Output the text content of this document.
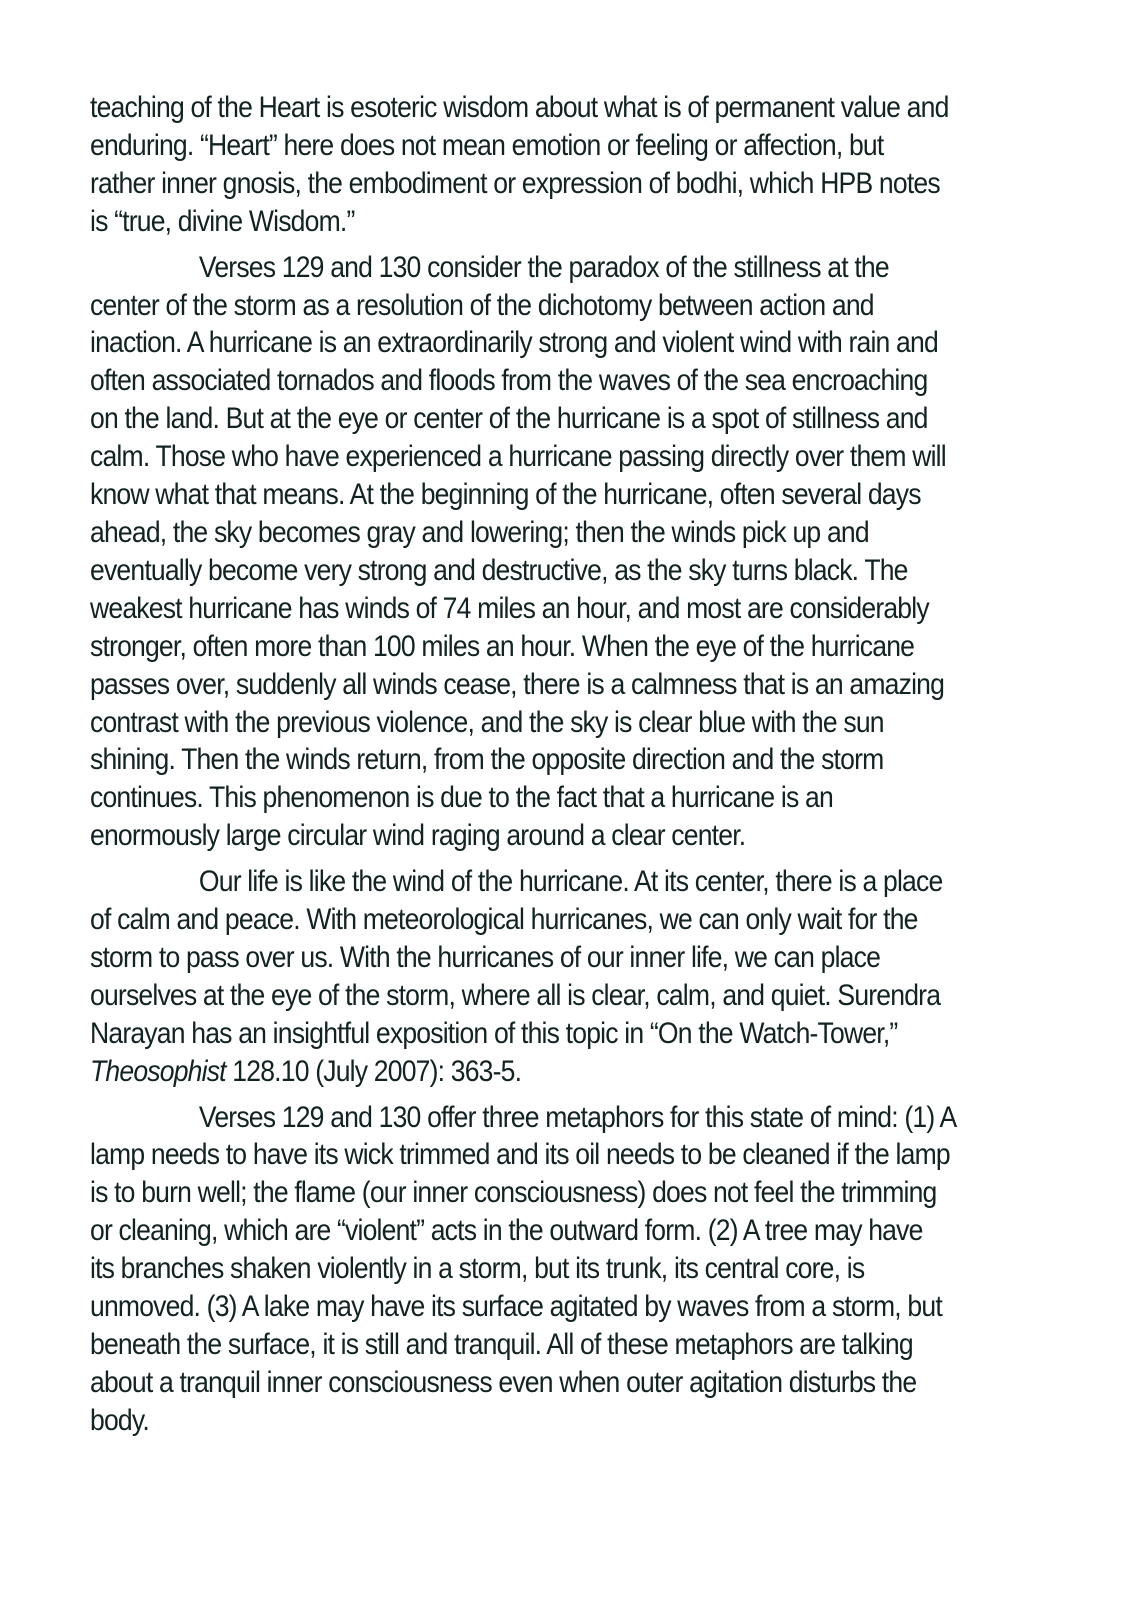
teaching of the Heart is esoteric wisdom about what is of permanent value and
enduring. “Heart” here does not mean emotion or feeling or affection, but
rather inner gnosis, the embodiment or expression of bodhi, which HPB notes
is “true, divine Wisdom.”

Verses 129 and 130 consider the paradox of the stillness at the
center of the storm as a resolution of the dichotomy between action and
inaction. A hurricane is an extraordinarily strong and violent wind with rain and
often associated tornados and floods from the waves of the sea encroaching
on the land. But at the eye or center of the hurricane is a spot of stillness and
calm. Those who have experienced a hurricane passing directly over them will
know what that means. At the beginning of the hurricane, often several days
ahead, the sky becomes gray and lowering; then the winds pick up and
eventually become very strong and destructive, as the sky turns black. The
weakest hurricane has winds of 74 miles an hour, and most are considerably
stronger, often more than 100 miles an hour. When the eye of the hurricane
passes over, suddenly all winds cease, there is a calmness that is an amazing
contrast with the previous violence, and the sky is clear blue with the sun
shining. Then the winds return, from the opposite direction and the storm
continues. This phenomenon is due to the fact that a hurricane is an
enormously large circular wind raging around a clear center.

Our life is like the wind of the hurricane. At its center, there is a place
of calm and peace. With meteorological hurricanes, we can only wait for the
storm to pass over us. With the hurricanes of our inner life, we can place
ourselves at the eye of the storm, where all is clear, calm, and quiet. Surendra
Narayan has an insightful exposition of this topic in “On the Watch-Tower,”
Theosophist 128.10 (July 2007): 363-5.

Verses 129 and 130 offer three metaphors for this state of mind: (1) A
lamp needs to have its wick trimmed and its oil needs to be cleaned if the lamp
is to burn well; the flame (our inner consciousness) does not feel the trimming
or cleaning, which are “violent” acts in the outward form. (2) A tree may have
its branches shaken violently in a storm, but its trunk, its central core, is
unmoved. (3) A lake may have its surface agitated by waves from a storm, but
beneath the surface, it is still and tranquil. All of these metaphors are talking
about a tranquil inner consciousness even when outer agitation disturbs the
body.
